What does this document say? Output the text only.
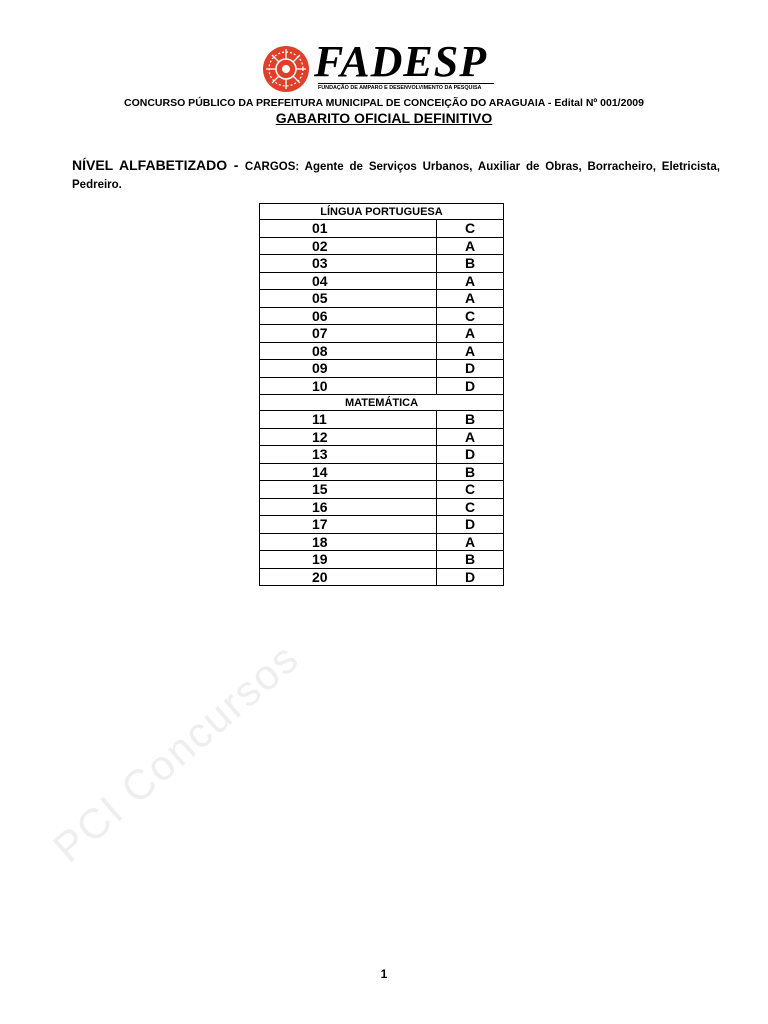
FADESP
FUNDAÇÃO DE AMPARO E DESENVOLVIMENTO DA PESQUISA
CONCURSO PÚBLICO DA PREFEITURA MUNICIPAL DE CONCEIÇÃO DO ARAGUAIA - Edital Nº 001/2009
GABARITO OFICIAL DEFINITIVO
NÍVEL ALFABETIZADO - CARGOS: Agente de Serviços Urbanos, Auxiliar de Obras, Borracheiro, Eletricista, Pedreiro.
LÍNGUA PORTUGUESA	
01	C
02	A
03	B
04	A
05	A
06	C
07	A
08	A
09	D
10	D
MATEMÁTICA	
11	B
12	A
13	D
14	B
15	C
16	C
17	D
18	A
19	B
20	D
PCI Concursos
1
